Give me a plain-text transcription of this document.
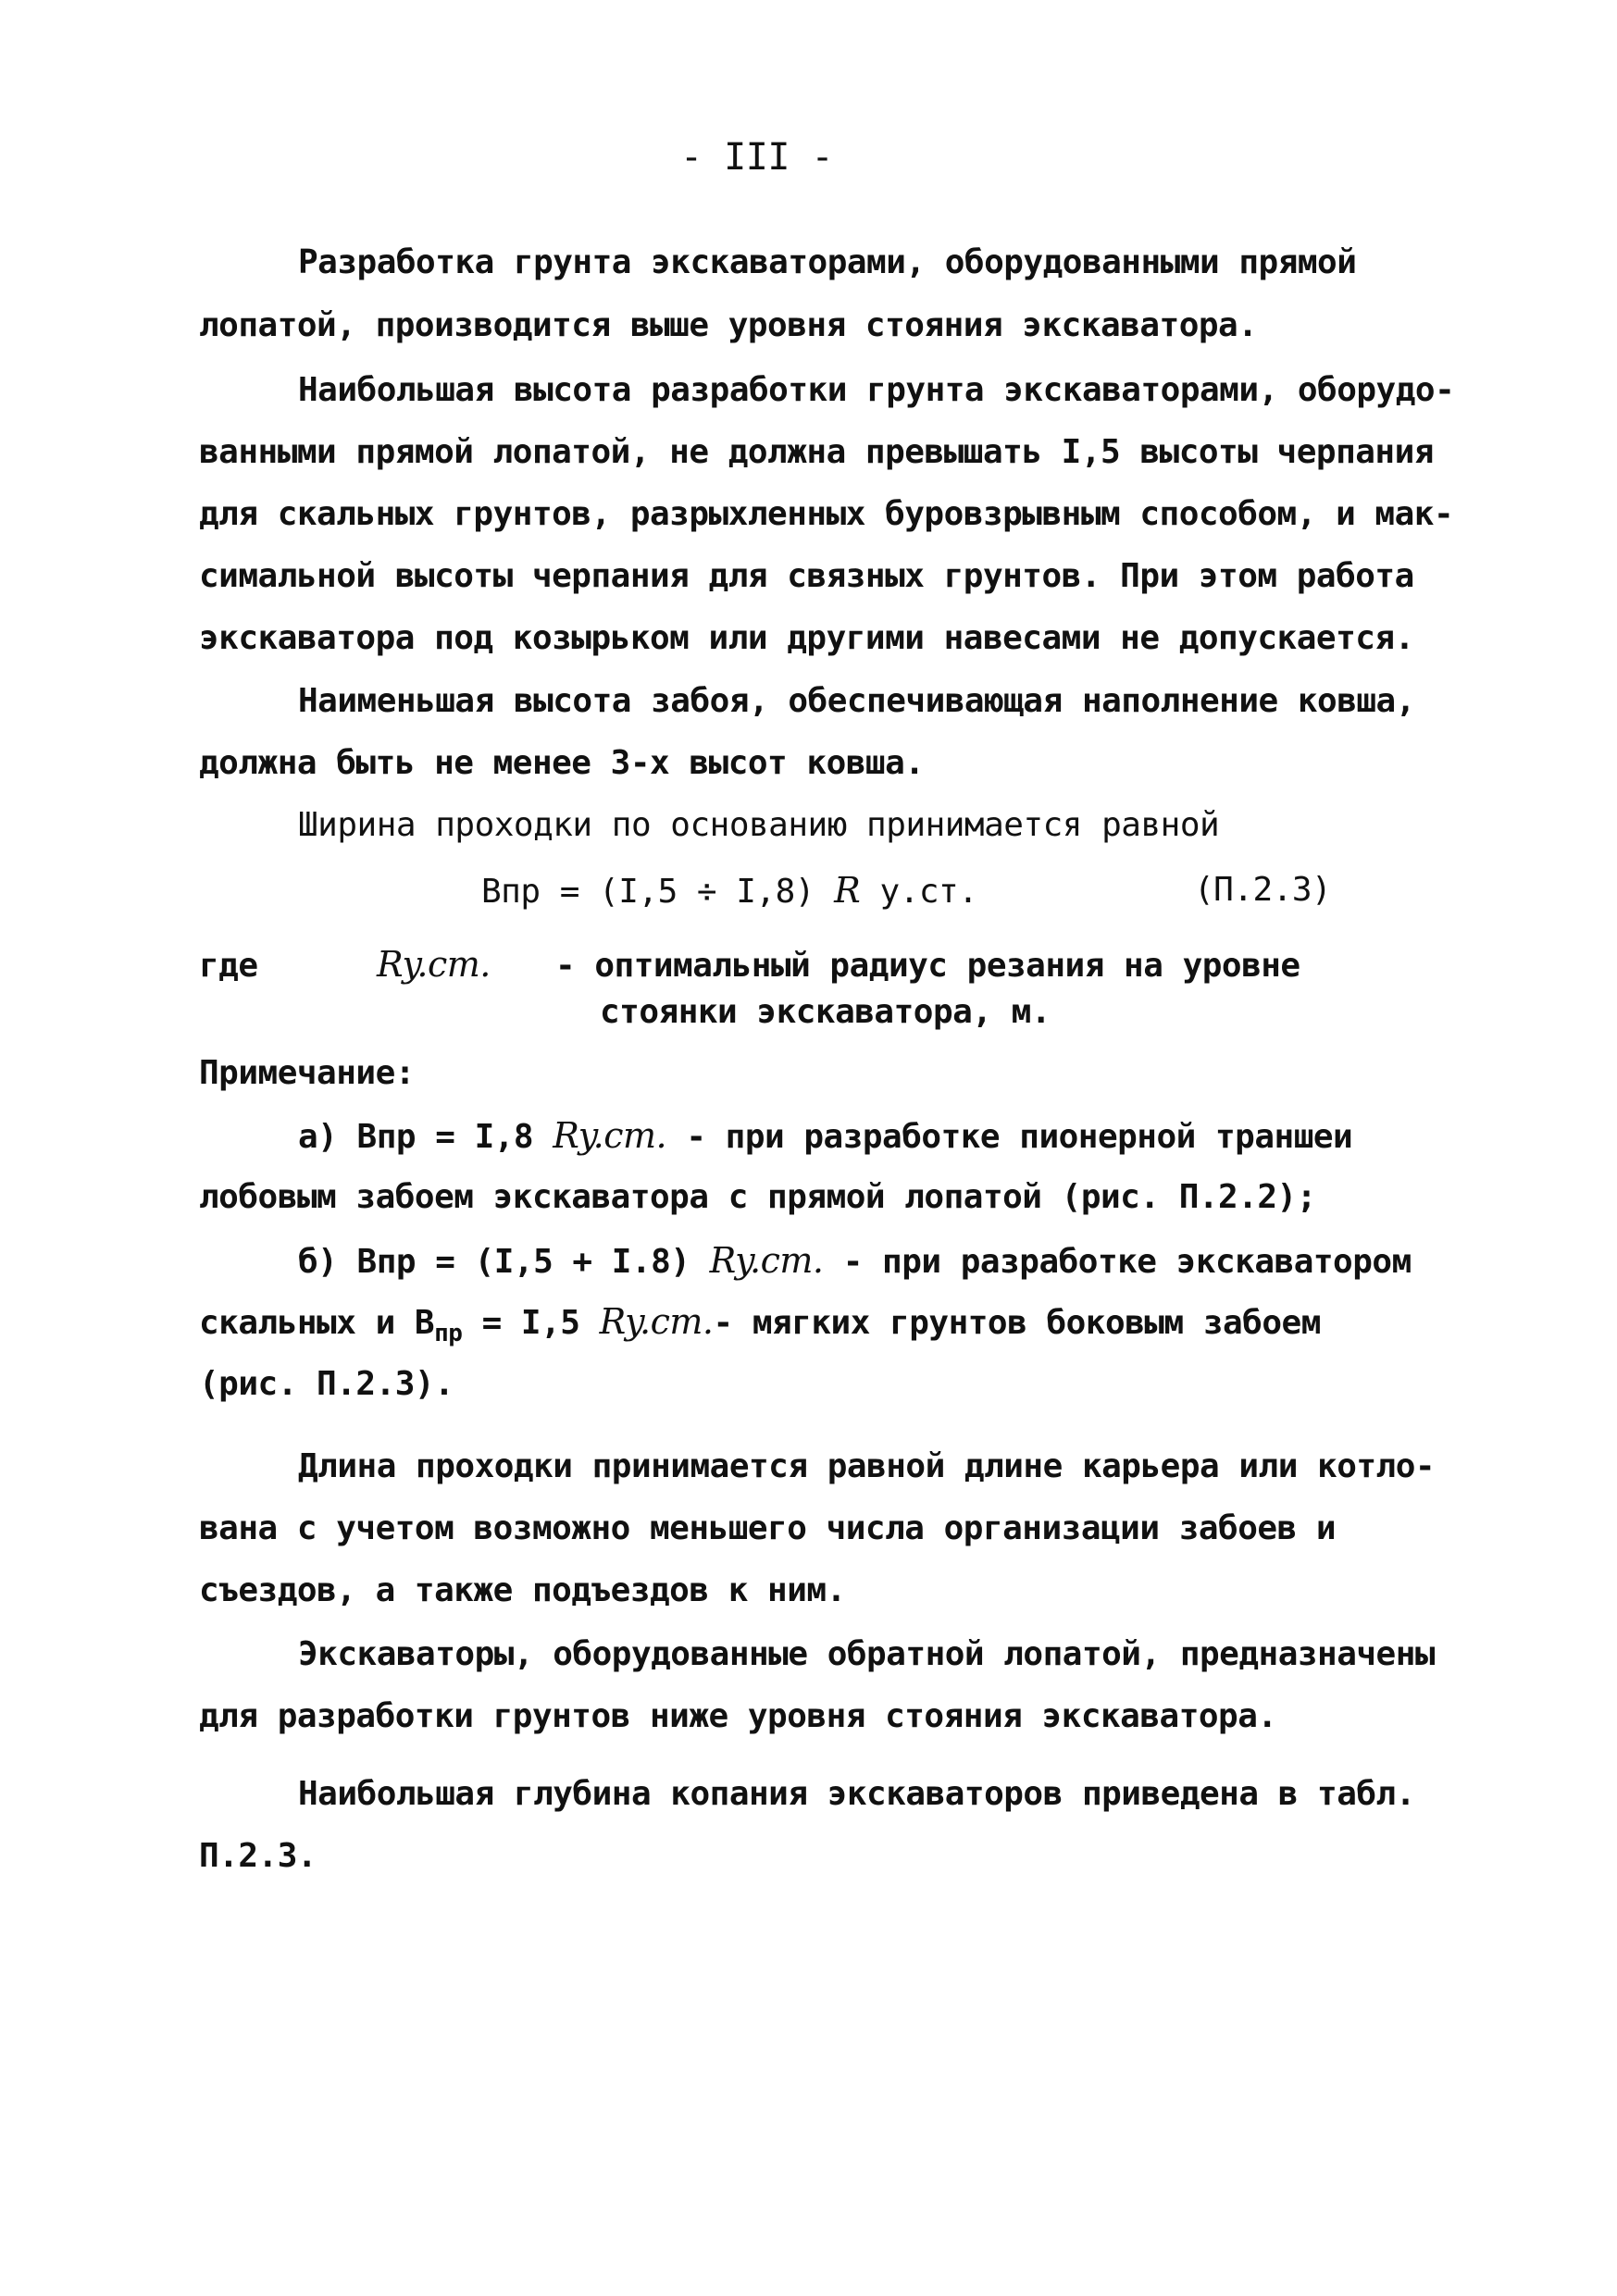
- III -
Разработка грунта экскаваторами, оборудованными прямой
лопатой, производится выше уровня стояния экскаватора.
Наибольшая высота разработки грунта экскаваторами, оборудо-
ванными прямой лопатой, не должна превышать I,5 высоты черпания
для скальных грунтов, разрыхленных буровзрывным способом, и мак-
симальной высоты черпания для связных грунтов. При этом работа
экскаватора под козырьком или другими навесами не допускается.
Наименьшая высота забоя, обеспечивающая наполнение ковша,
должна быть не менее 3-х высот ковша.
Ширина проходки по основанию принимается равной
Впр = (I,5 ÷ I,8) R у.ст.	(П.2.3)
где	Ry.ст. - оптимальный радиус резания на уровне
стоянки экскаватора, м.
Примечание:
а) Впр = I,8 Ry.ст. - при разработке пионерной траншеи
лобовым забоем экскаватора с прямой лопатой (рис. П.2.2);
б) Впр = (I,5 + I.8) Ry.ст. - при разработке экскаватором
скальных и $В_{пр} = I,5$ Ry.ст.- мягких грунтов боковым забоем
(рис. П.2.3).
Длина проходки принимается равной длине карьера или котло-
вана с учетом возможно меньшего числа организации забоев и
съездов, а также подъездов к ним.
Экскаваторы, оборудованные обратной лопатой, предназначены
для разработки грунтов ниже уровня стояния экскаватора.
Наибольшая глубина копания экскаваторов приведена в табл.
П.2.3.
